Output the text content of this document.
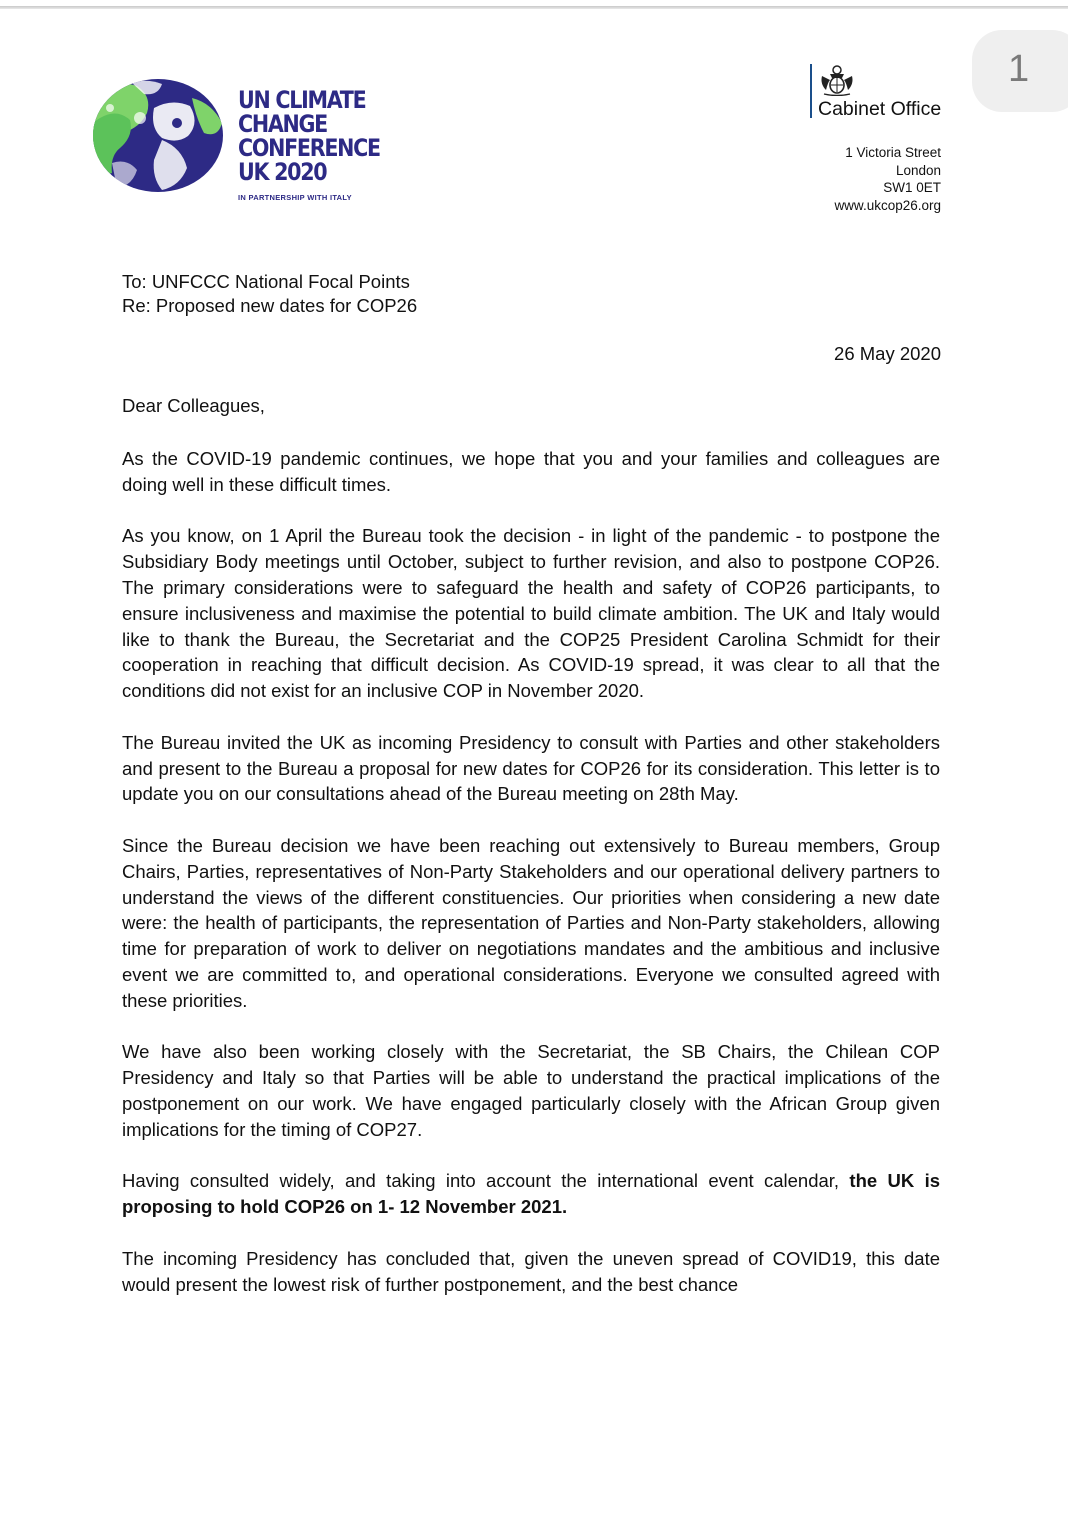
1
UN CLIMATE
CHANGE
CONFERENCE
UK 2020
IN PARTNERSHIP WITH ITALY
Cabinet Office
1 Victoria Street
London
SW1 0ET
www.ukcop26.org
To: UNFCCC National Focal Points
Re: Proposed new dates for COP26
26 May 2020
Dear Colleagues,

As the COVID-19 pandemic continues, we hope that you and your families and colleagues are doing well in these difficult times.

As you know, on 1 April the Bureau took the decision - in light of the pandemic - to postpone the Subsidiary Body meetings until October, subject to further revision, and also to postpone COP26. The primary considerations were to safeguard the health and safety of COP26 participants, to ensure inclusiveness and maximise the potential to build climate ambition. The UK and Italy would like to thank the Bureau, the Secretariat and the COP25 President Carolina Schmidt for their cooperation in reaching that difficult decision. As COVID-19 spread, it was clear to all that the conditions did not exist for an inclusive COP in November 2020.

The Bureau invited the UK as incoming Presidency to consult with Parties and other stakeholders and present to the Bureau a proposal for new dates for COP26 for its consideration. This letter is to update you on our consultations ahead of the Bureau meeting on 28th May.

Since the Bureau decision we have been reaching out extensively to Bureau members, Group Chairs, Parties, representatives of Non-Party Stakeholders and our operational delivery partners to understand the views of the different constituencies. Our priorities when considering a new date were: the health of participants, the representation of Parties and Non-Party stakeholders, allowing time for preparation of work to deliver on negotiations mandates and the ambitious and inclusive event we are committed to, and operational considerations. Everyone we consulted agreed with these priorities.

We have also been working closely with the Secretariat, the SB Chairs, the Chilean COP Presidency and Italy so that Parties will be able to understand the practical implications of the postponement on our work. We have engaged particularly closely with the African Group given implications for the timing of COP27.

Having consulted widely, and taking into account the international event calendar, the UK is proposing to hold COP26 on 1- 12 November 2021.

The incoming Presidency has concluded that, given the uneven spread of COVID19, this date would present the lowest risk of further postponement, and the best chance
